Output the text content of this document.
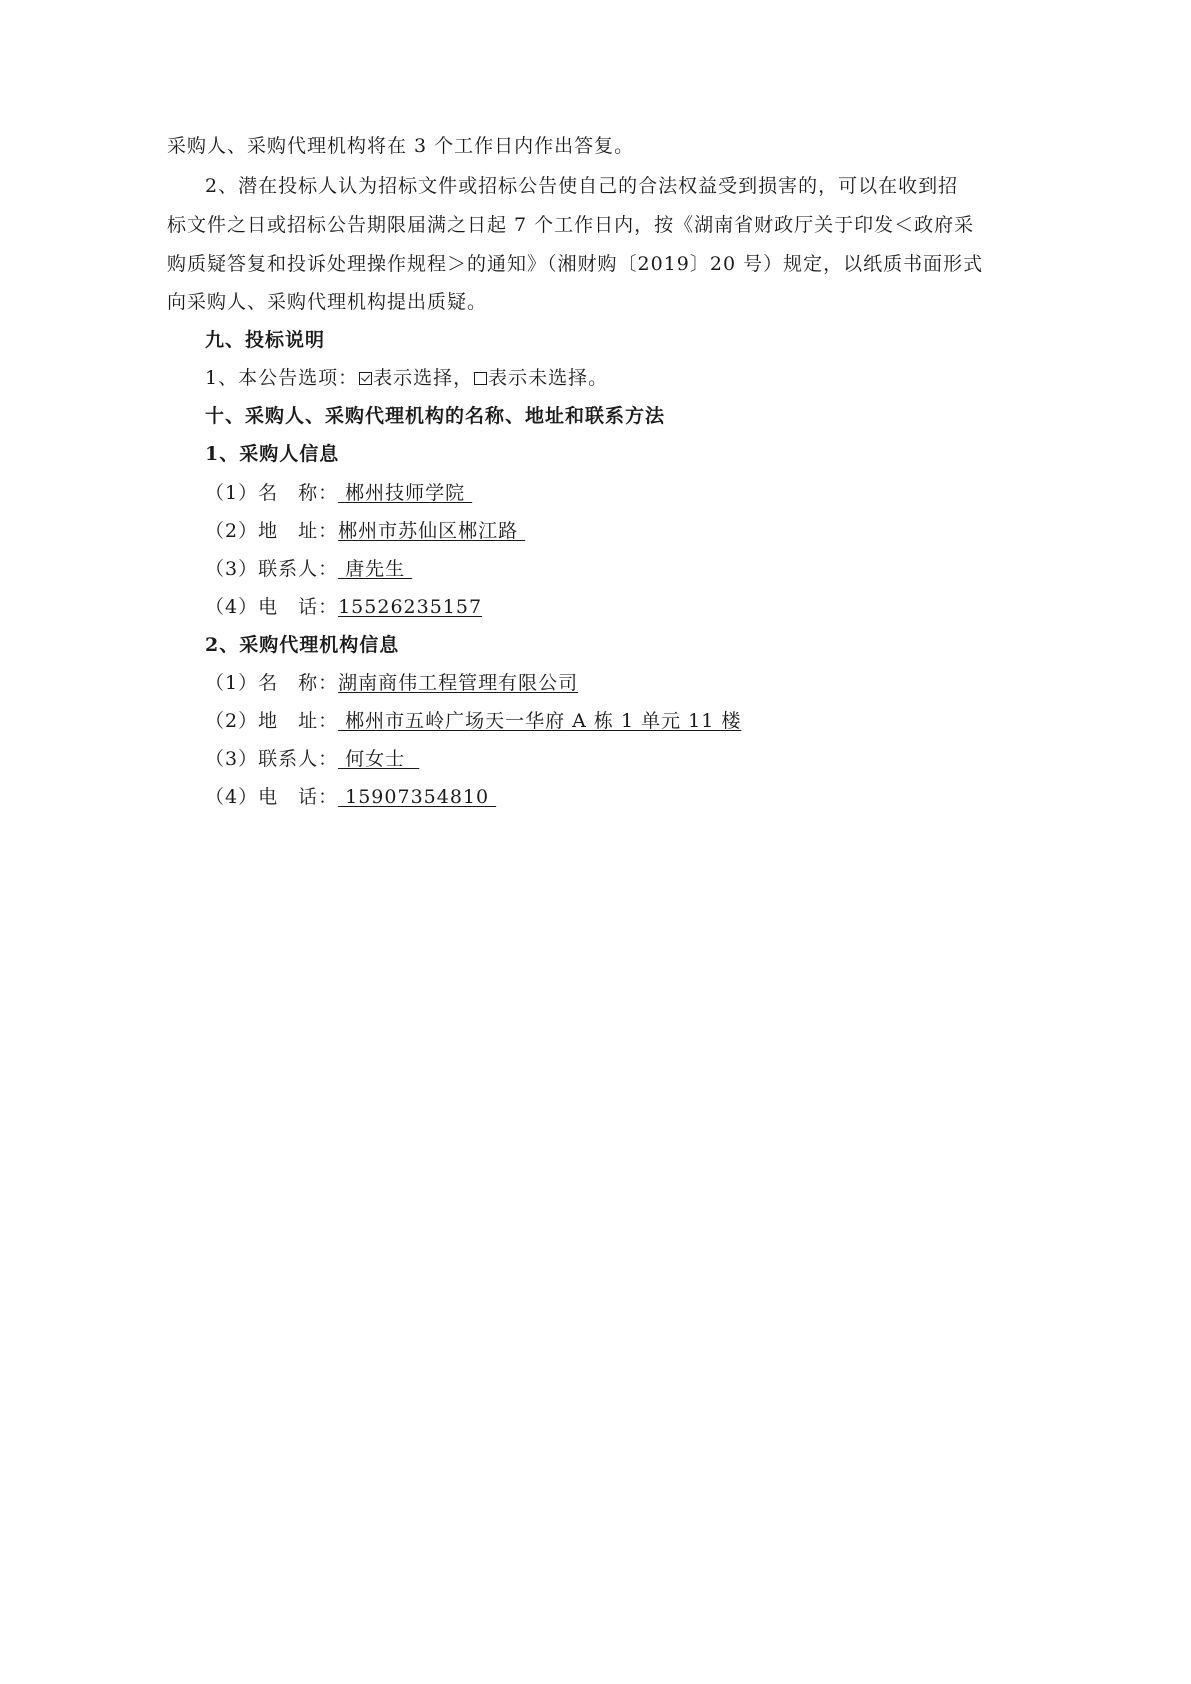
采购人、采购代理机构将在 3 个工作日内作出答复。
2、潜在投标人认为招标文件或招标公告使自己的合法权益受到损害的，可以在收到招
标文件之日或招标公告期限届满之日起 7 个工作日内，按《湖南省财政厅关于印发＜政府采
购质疑答复和投诉处理操作规程＞的通知》（湘财购〔2019〕20 号）规定，以纸质书面形式
向采购人、采购代理机构提出质疑。
九、投标说明
1、本公告选项： 表示选择， 表示未选择。
十、采购人、采购代理机构的名称、地址和联系方法
1、采购人信息
（1）名　称： 郴州技师学院
（2）地　址：郴州市苏仙区郴江路
（3）联系人： 唐先生
（4）电　话：15526235157
2、采购代理机构信息
（1）名　称：湖南商伟工程管理有限公司
（2）地　址： 郴州市五岭广场天一华府 A 栋 1 单元 11 楼
（3）联系人： 何女士
（4）电　话： 15907354810
